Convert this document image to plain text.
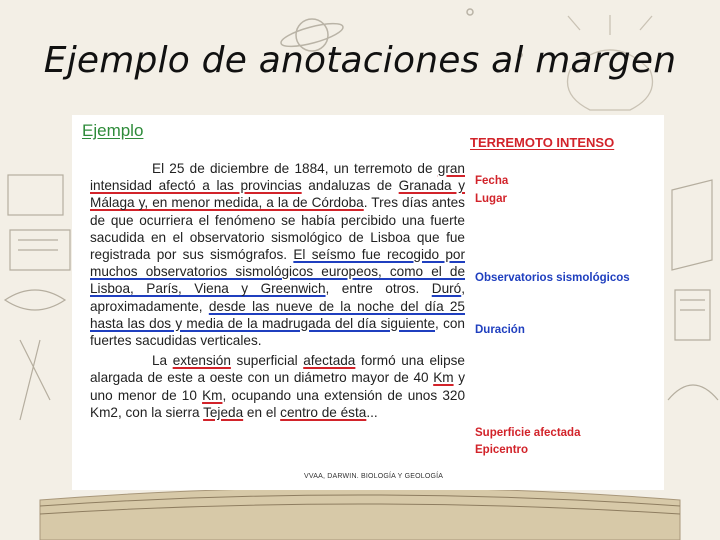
Ejemplo de anotaciones al margen
Ejemplo

El 25 de diciembre de 1884, un terremoto de gran intensidad afectó a las provincias andaluzas de Granada y Málaga y, en menor medida, a la de Córdoba. Tres días antes de que ocurriera el fenómeno se había percibido una fuerte sacudida en el observatorio sismológico de Lisboa que fue registrada por sus sismógrafos. El seísmo fue recogido por muchos observatorios sismológicos europeos, como el de Lisboa, París, Viena y Greenwich, entre otros. Duró, aproximadamente, desde las nueve de la noche del día 25 hasta las dos y media de la madrugada del día siguiente, con fuertes sacudidas verticales.

La extensión superficial afectada formó una elipse alargada de este a oeste con un diámetro mayor de 40 Km y uno menor de 10 Km, ocupando una extensión de unos 320 Km2, con la sierra Tejeda en el centro de ésta...

VVAA, DARWIN. BIOLOGÍA Y GEOLOGÍA
TERREMOTO INTENSO
Fecha
Lugar
Observatorios sismológicos
Duración
Superficie afectada
Epicentro
